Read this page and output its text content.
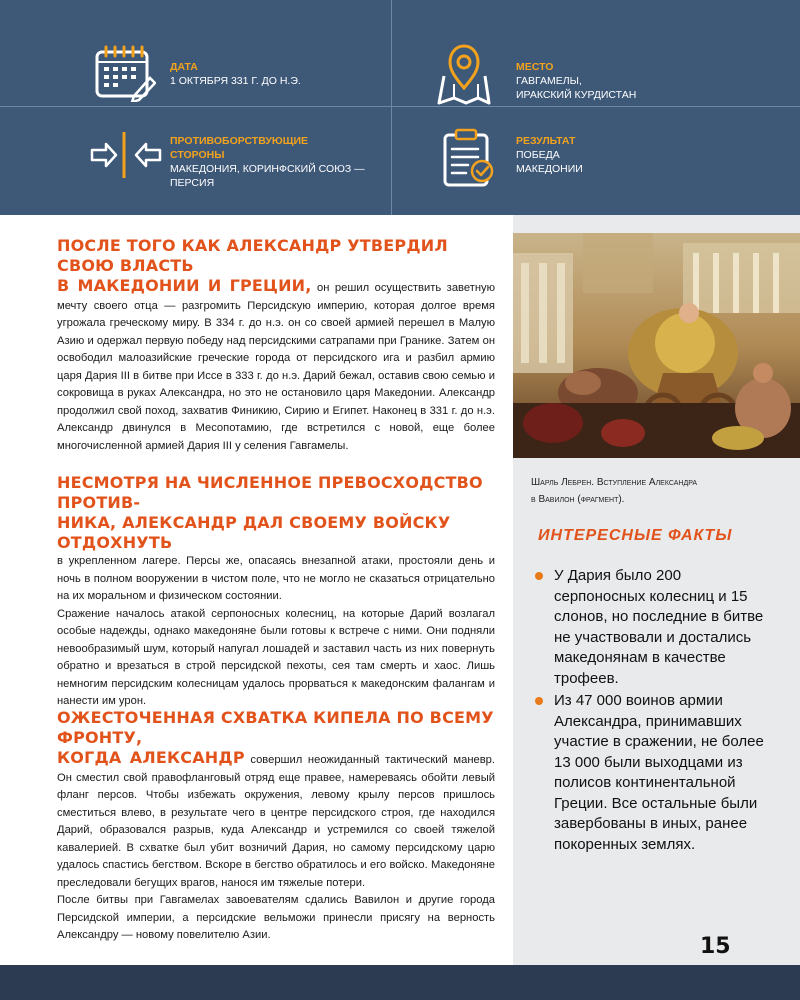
ДАТА
1 ОКТЯБРЯ 331 Г. ДО Н.Э.
МЕСТО
ГАВГАМЕЛЫ,
ИРАКСКИЙ КУРДИСТАН
ПРОТИВОБОРСТВУЮЩИЕ
СТОРОНЫ
МАКЕДОНИЯ, КОРИНФСКИЙ СОЮЗ —
ПЕРСИЯ
РЕЗУЛЬТАТ
ПОБЕДА
МАКЕДОНИИ
Шарль Лебрен. Вступление Александра
в Вавилон (фрагмент).
ИНТЕРЕСНЫЕ ФАКТЫ
У Дария было 200 серпоносных колесниц и 15 слонов, но последние в битве не участвовали и достались македонянам в качестве трофеев.
Из 47 000 воинов армии Александра, принимавших участие в сражении, не более 13 000 были выходцами из полисов континентальной Греции. Все остальные были завербованы в иных, ранее покоренных землях.
ПОСЛЕ ТОГО КАК АЛЕКСАНДР УТВЕРДИЛ СВОЮ ВЛАСТЬ

В МАКЕДОНИИ И ГРЕЦИИ, он решил осуществить заветную мечту своего отца — разгромить Персидскую империю, которая долгое время угрожала греческому миру. В 334 г. до н.э. он со своей армией перешел в Малую Азию и одержал первую победу над персидскими сатрапами при Гранике. Затем он освободил малоазийские греческие города от персидского ига и разбил армию царя Дария III в битве при Иссе в 333 г. до н.э. Дарий бежал, оставив свою семью и сокровища в руках Александра, но это не остановило царя Македонии. Александр продолжил свой поход, захватив Финикию, Сирию и Египет. Наконец в 331 г. до н.э. Александр двинулся в Месопотамию, где встретился с новой, еще более многочисленной армией Дария III у селения Гавгамелы.

НЕСМОТРЯ НА ЧИСЛЕННОЕ ПРЕВОСХОДСТВО ПРОТИВ-
НИКА, АЛЕКСАНДР ДАЛ СВОЕМУ ВОЙСКУ ОТДОХНУТЬ

в укрепленном лагере. Персы же, опасаясь внезапной атаки, простояли день и ночь в полном вооружении в чистом поле, что не могло не сказаться отрицательно на их моральном и физическом состоянии.

Сражение началось атакой серпоносных колесниц, на которые Дарий возлагал особые надежды, однако македоняне были готовы к встрече с ними. Они подняли невообразимый шум, который напугал лошадей и заставил часть из них повернуть обратно и врезаться в строй персидской пехоты, сея там смерть и хаос. Лишь немногим персидским колесницам удалось прорваться к македонским фалангам и нанести им урон.

ОЖЕСТОЧЕННАЯ СХВАТКА КИПЕЛА ПО ВСЕМУ ФРОНТУ,

КОГДА АЛЕКСАНДР совершил неожиданный тактический маневр. Он сместил свой правофланговый отряд еще правее, намереваясь обойти левый фланг персов. Чтобы избежать окружения, левому крылу персов пришлось сместиться влево, в результате чего в центре персидского строя, где находился Дарий, образовался разрыв, куда Александр и устремился со своей тяжелой кавалерией. В схватке был убит возничий Дария, но самому персидскому царю удалось спастись бегством. Вскоре в бегство обратилось и его войско. Македоняне преследовали бегущих врагов, нанося им тяжелые потери.

После битвы при Гавгамелах завоевателям сдались Вавилон и другие города Персидской империи, а персидские вельможи принесли присягу на верность Александру — новому повелителю Азии.	15
